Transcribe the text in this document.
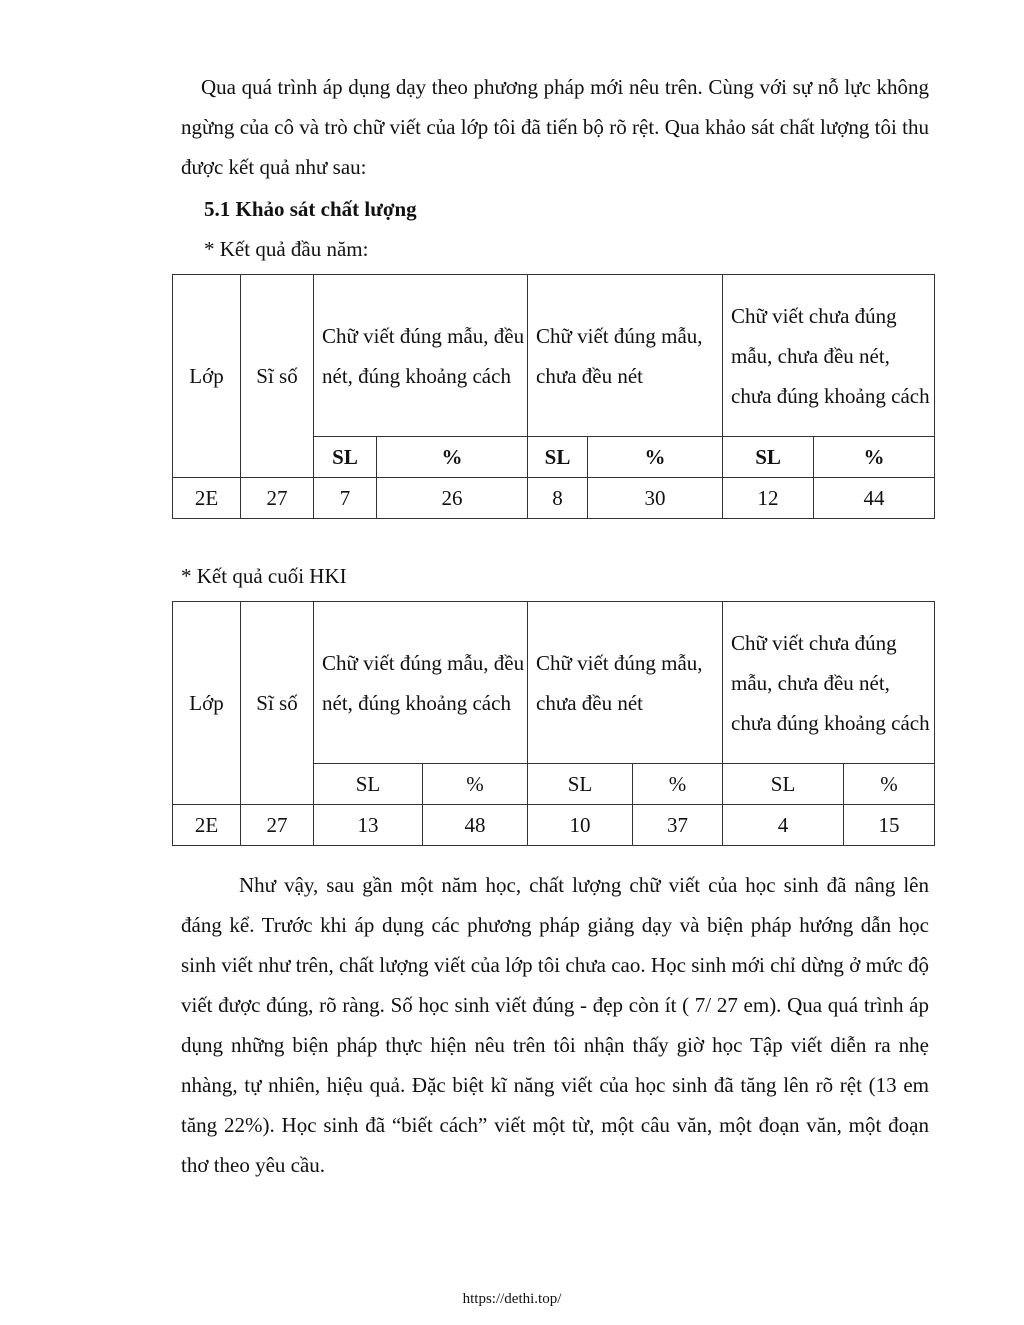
Qua quá trình áp dụng dạy theo phương pháp mới nêu trên. Cùng với sự nỗ lực không ngừng của cô và trò chữ viết của lớp tôi đã tiến bộ rõ rệt. Qua khảo sát chất lượng tôi thu được kết quả như sau:

5.1 Khảo sát chất lượng

* Kết quả đầu năm:

Lớp	Sĩ số	Chữ viết đúng mẫu, đều nét, đúng khoảng cách		Chữ viết đúng mẫu, chưa đều nét		Chữ viết chưa đúng mẫu, chưa đều nét, chưa đúng khoảng cách	
		SL	%	SL	%	SL	%
2E	27	7	26	8	30	12	44

* Kết quả cuối HKI

Lớp	Sĩ số	Chữ viết đúng mẫu, đều nét, đúng khoảng cách		Chữ viết đúng mẫu, chưa đều nét		Chữ viết chưa đúng mẫu, chưa đều nét, chưa đúng khoảng cách	
		SL	%	SL	%	SL	%
2E	27	13	48	10	37	4	15

Như vậy, sau gần một năm học, chất lượng chữ viết của học sinh đã nâng lên đáng kể. Trước khi áp dụng các phương pháp giảng dạy và biện pháp hướng dẫn học sinh viết như trên, chất lượng viết của lớp tôi chưa cao. Học sinh mới chỉ dừng ở mức độ viết được đúng, rõ ràng. Số học sinh viết đúng - đẹp còn ít ( 7/ 27 em). Qua quá trình áp dụng những biện pháp thực hiện nêu trên tôi nhận thấy giờ học Tập viết diễn ra nhẹ nhàng, tự nhiên, hiệu quả. Đặc biệt kĩ năng viết của học sinh đã tăng lên rõ rệt (13 em tăng 22%). Học sinh đã “biết cách” viết một từ, một câu văn, một đoạn văn, một đoạn thơ theo yêu cầu.

https://dethi.top/
